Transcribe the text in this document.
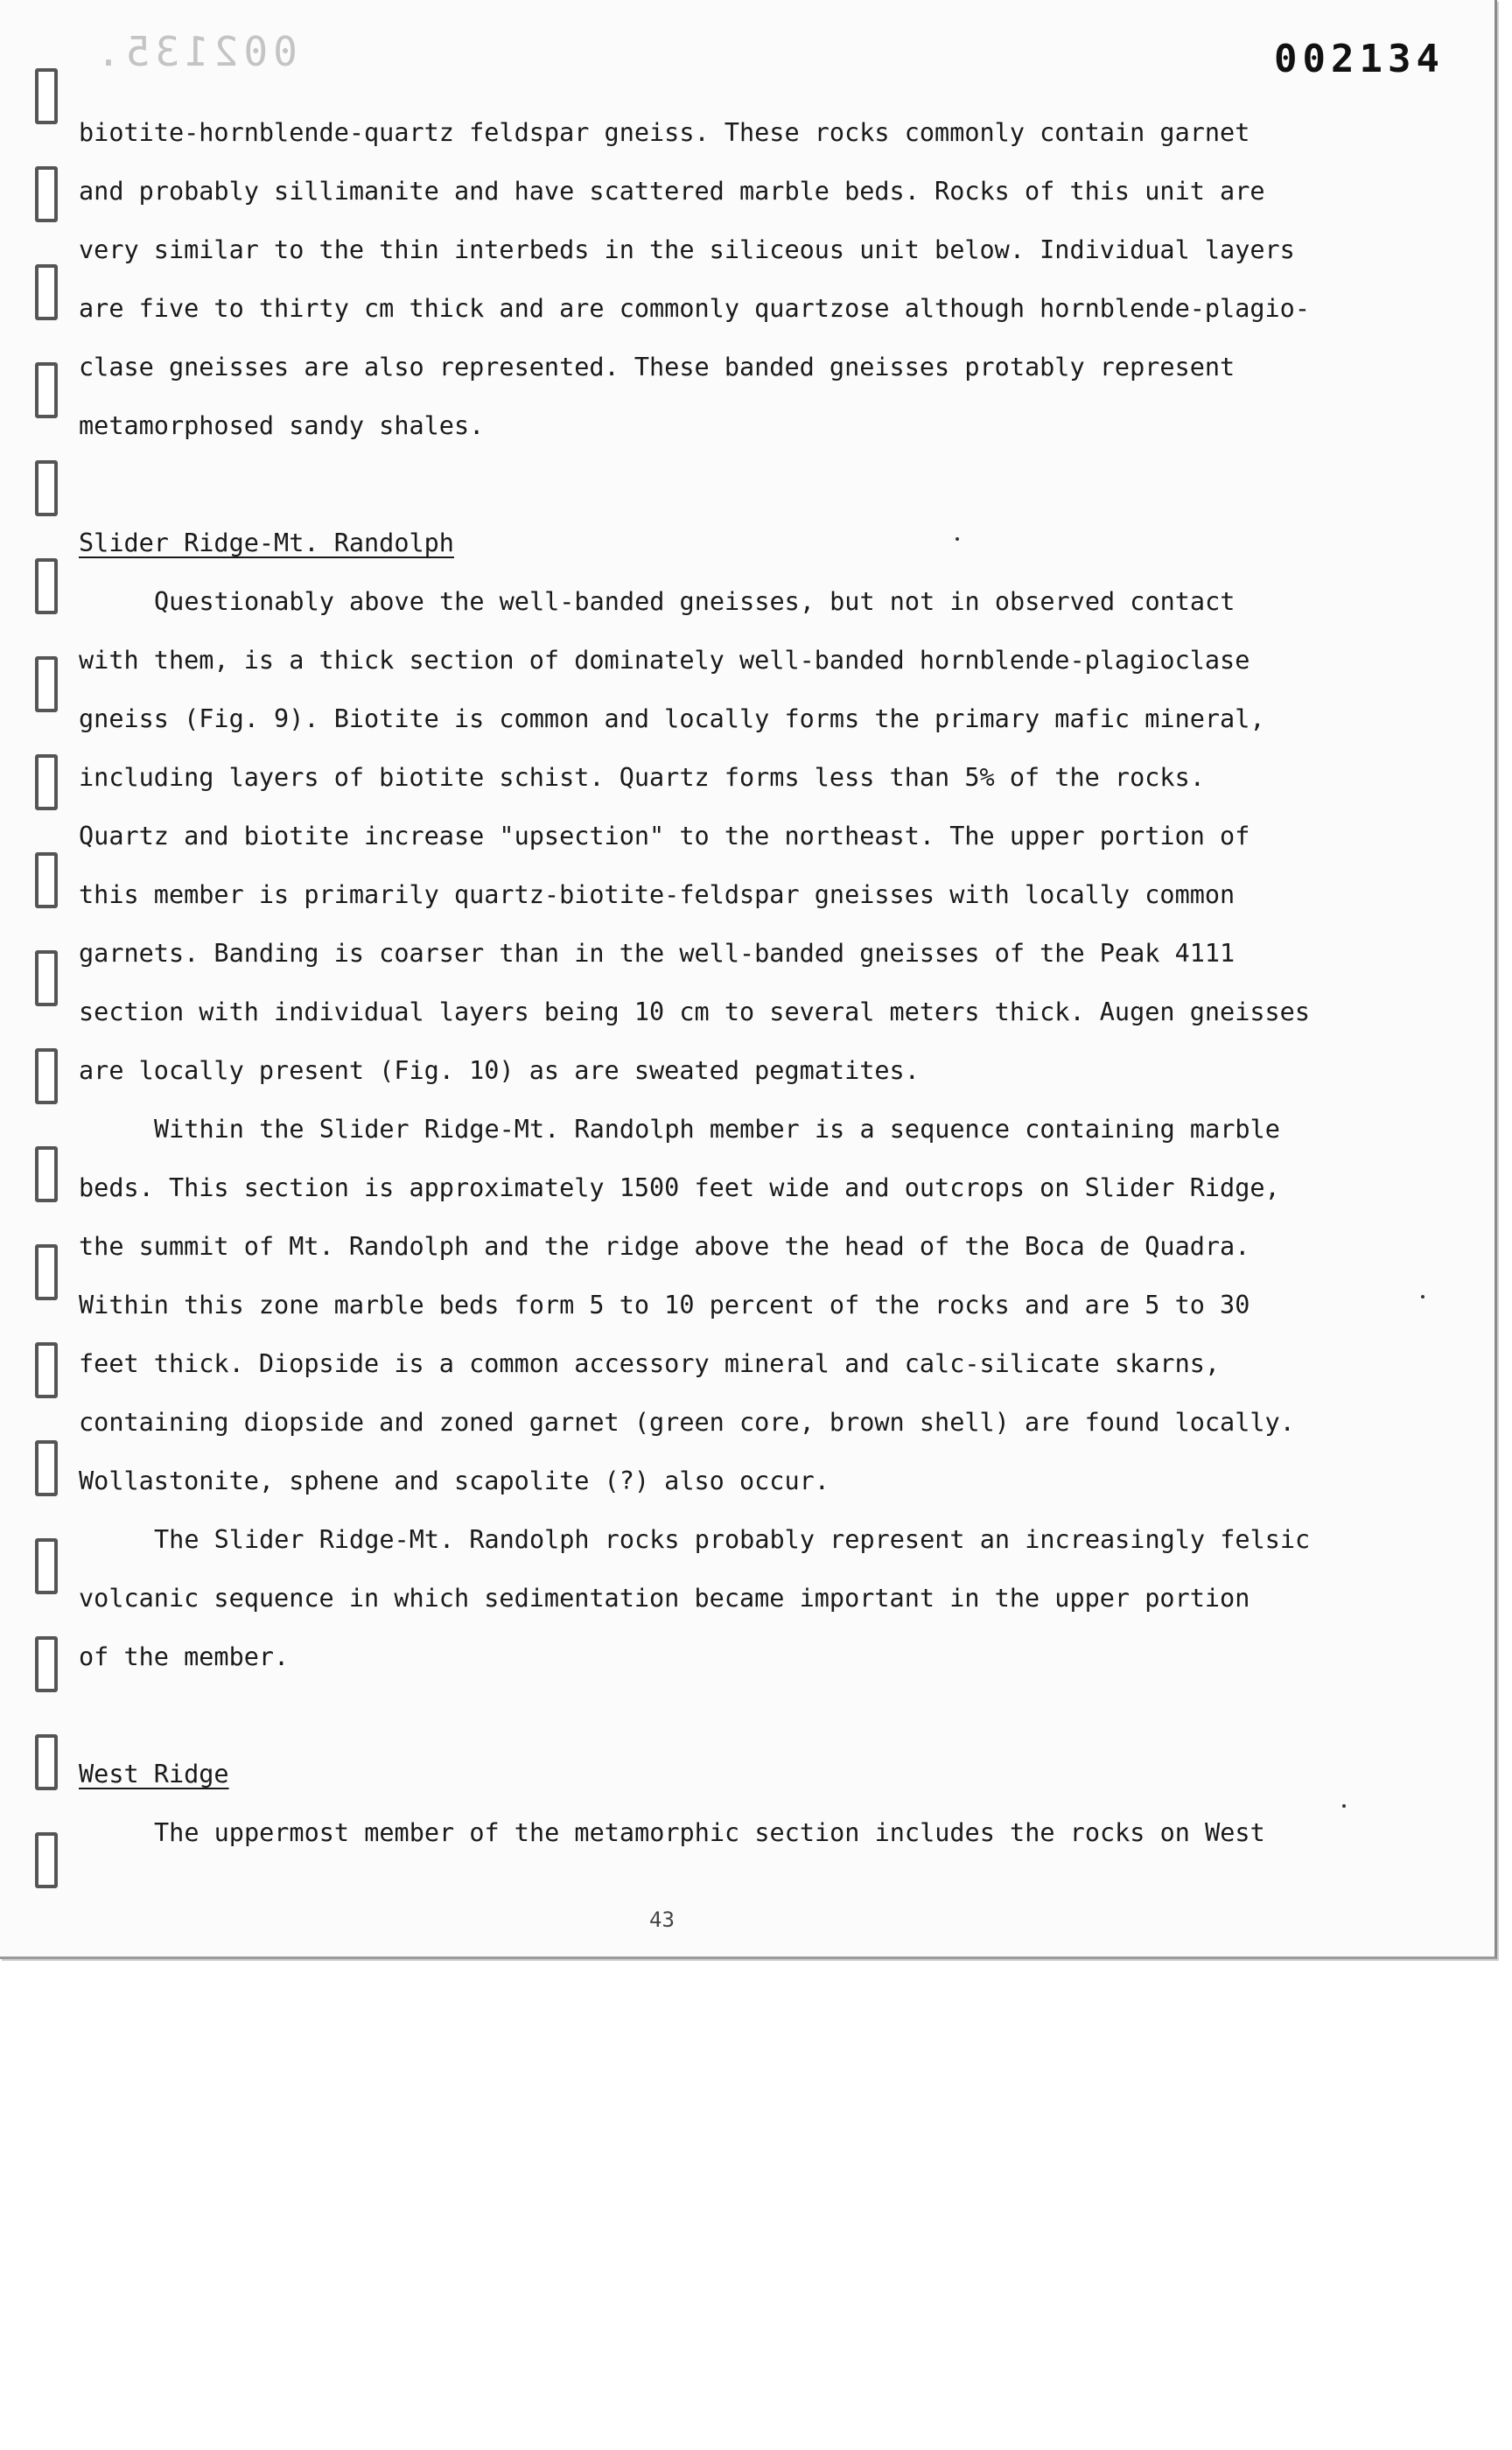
002135.	002134
biotite-hornblende-quartz feldspar gneiss. These rocks commonly contain garnet
and probably sillimanite and have scattered marble beds. Rocks of this unit are
very similar to the thin interbeds in the siliceous unit below. Individual layers
are five to thirty cm thick and are commonly quartzose although hornblende-plagio-
clase gneisses are also represented. These banded gneisses protably represent
metamorphosed sandy shales.

Slider Ridge-Mt. Randolph
Questionably above the well-banded gneisses, but not in observed contact
with them, is a thick section of dominately well-banded hornblende-plagioclase
gneiss (Fig. 9). Biotite is common and locally forms the primary mafic mineral,
including layers of biotite schist. Quartz forms less than 5% of the rocks.
Quartz and biotite increase "upsection" to the northeast. The upper portion of
this member is primarily quartz-biotite-feldspar gneisses with locally common
garnets. Banding is coarser than in the well-banded gneisses of the Peak 4111
section with individual layers being 10 cm to several meters thick. Augen gneisses
are locally present (Fig. 10) as are sweated pegmatites.
Within the Slider Ridge-Mt. Randolph member is a sequence containing marble
beds. This section is approximately 1500 feet wide and outcrops on Slider Ridge,
the summit of Mt. Randolph and the ridge above the head of the Boca de Quadra.
Within this zone marble beds form 5 to 10 percent of the rocks and are 5 to 30
feet thick. Diopside is a common accessory mineral and calc-silicate skarns,
containing diopside and zoned garnet (green core, brown shell) are found locally.
Wollastonite, sphene and scapolite (?) also occur.
The Slider Ridge-Mt. Randolph rocks probably represent an increasingly felsic
volcanic sequence in which sedimentation became important in the upper portion
of the member.

West Ridge
The uppermost member of the metamorphic section includes the rocks on West
43
